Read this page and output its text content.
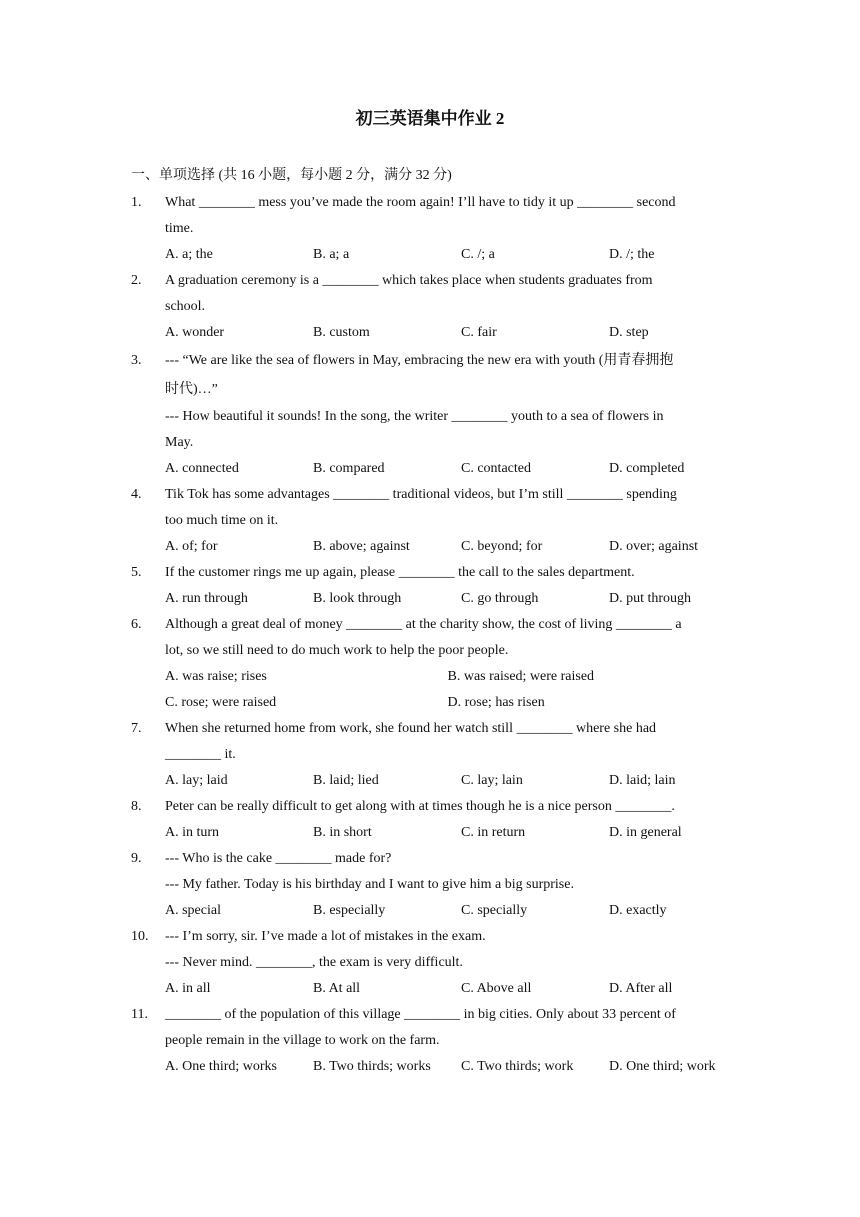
初三英语集中作业 2
一、单项选择 (共 16 小题，每小题 2 分，满分 32 分)
1. What ________ mess you’ve made the room again! I’ll have to tidy it up ________ second
time.
A. a; the	B. a; a	C. /; a	D. /; the
2. A graduation ceremony is a ________ which takes place when students graduates from
school.
A. wonder	B. custom	C. fair	D. step
3. --- “We are like the sea of flowers in May, embracing the new era with youth (用青春拥抱
时代)…”
--- How beautiful it sounds! In the song, the writer ________ youth to a sea of flowers in
May.
A. connected	B. compared	C. contacted	D. completed
4. Tik Tok has some advantages ________ traditional videos, but I’m still ________ spending
too much time on it.
A. of; for	B. above; against	C. beyond; for	D. over; against
5. If the customer rings me up again, please ________ the call to the sales department.
A. run through	B. look through	C. go through	D. put through
6. Although a great deal of money ________ at the charity show, the cost of living ________ a
lot, so we still need to do much work to help the poor people.
A. was raise; rises	B. was raised; were raised
C. rose; were raised	D. rose; has risen
7. When she returned home from work, she found her watch still ________ where she had
________ it.
A. lay; laid	B. laid; lied	C. lay; lain	D. laid; lain
8. Peter can be really difficult to get along with at times though he is a nice person ________.
A. in turn	B. in short	C. in return	D. in general
9. --- Who is the cake ________ made for?
--- My father. Today is his birthday and I want to give him a big surprise.
A. special	B. especially	C. specially	D. exactly
10. --- I’m sorry, sir. I’ve made a lot of mistakes in the exam.
--- Never mind. ________, the exam is very difficult.
A. in all	B. At all	C. Above all	D. After all
11. ________ of the population of this village ________ in big cities. Only about 33 percent of
people remain in the village to work on the farm.
A. One third; works	B. Two thirds; works	C. Two thirds; work	D. One third; work
